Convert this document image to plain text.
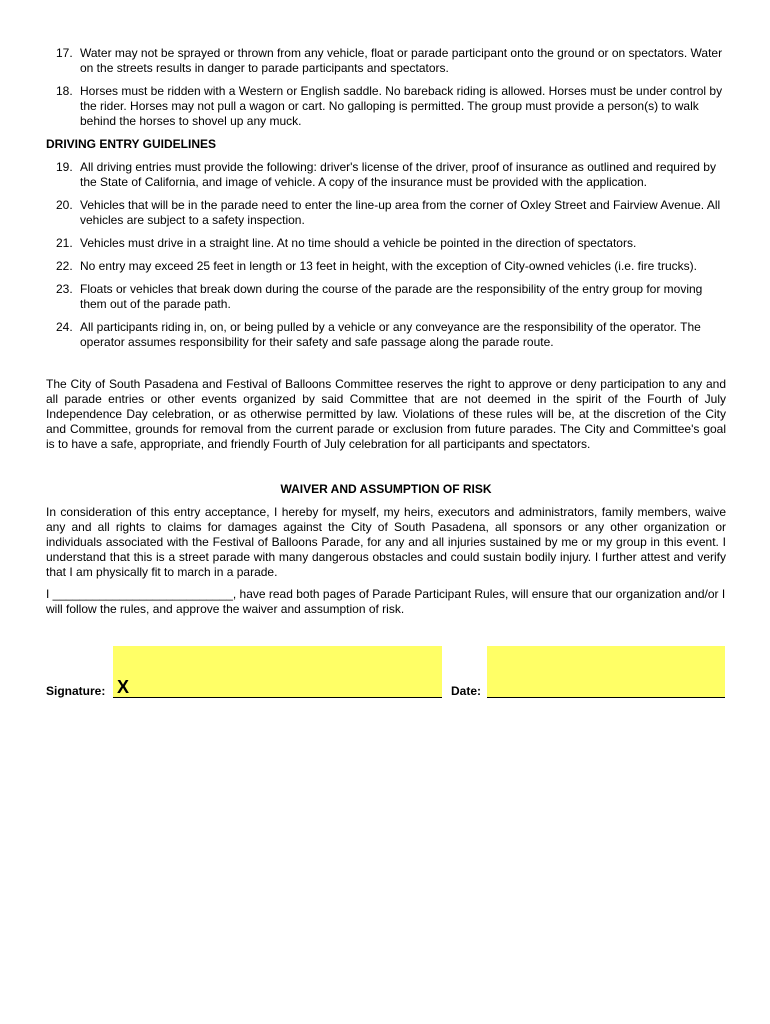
17. Water may not be sprayed or thrown from any vehicle, float or parade participant onto the ground or on spectators. Water on the streets results in danger to parade participants and spectators.
18. Horses must be ridden with a Western or English saddle. No bareback riding is allowed. Horses must be under control by the rider. Horses may not pull a wagon or cart. No galloping is permitted. The group must provide a person(s) to walk behind the horses to shovel up any muck.
DRIVING ENTRY GUIDELINES
19. All driving entries must provide the following: driver's license of the driver, proof of insurance as outlined and required by the State of California, and image of vehicle. A copy of the insurance must be provided with the application.
20. Vehicles that will be in the parade need to enter the line-up area from the corner of Oxley Street and Fairview Avenue. All vehicles are subject to a safety inspection.
21. Vehicles must drive in a straight line. At no time should a vehicle be pointed in the direction of spectators.
22. No entry may exceed 25 feet in length or 13 feet in height, with the exception of City-owned vehicles (i.e. fire trucks).
23. Floats or vehicles that break down during the course of the parade are the responsibility of the entry group for moving them out of the parade path.
24. All participants riding in, on, or being pulled by a vehicle or any conveyance are the responsibility of the operator. The operator assumes responsibility for their safety and safe passage along the parade route.

The City of South Pasadena and Festival of Balloons Committee reserves the right to approve or deny participation to any and all parade entries or other events organized by said Committee that are not deemed in the spirit of the Fourth of July Independence Day celebration, or as otherwise permitted by law. Violations of these rules will be, at the discretion of the City and Committee, grounds for removal from the current parade or exclusion from future parades. The City and Committee's goal is to have a safe, appropriate, and friendly Fourth of July celebration for all participants and spectators.

WAIVER AND ASSUMPTION OF RISK

In consideration of this entry acceptance, I hereby for myself, my heirs, executors and administrators, family members, waive any and all rights to claims for damages against the City of South Pasadena, all sponsors or any other organization or individuals associated with the Festival of Balloons Parade, for any and all injuries sustained by me or my group in this event. I understand that this is a street parade with many dangerous obstacles and could sustain bodily injury. I further attest and verify that I am physically fit to march in a parade.

I ___________________________, have read both pages of Parade Participant Rules, will ensure that our organization and/or I will follow the rules, and approve the waiver and assumption of risk.

Signature: X	Date:
